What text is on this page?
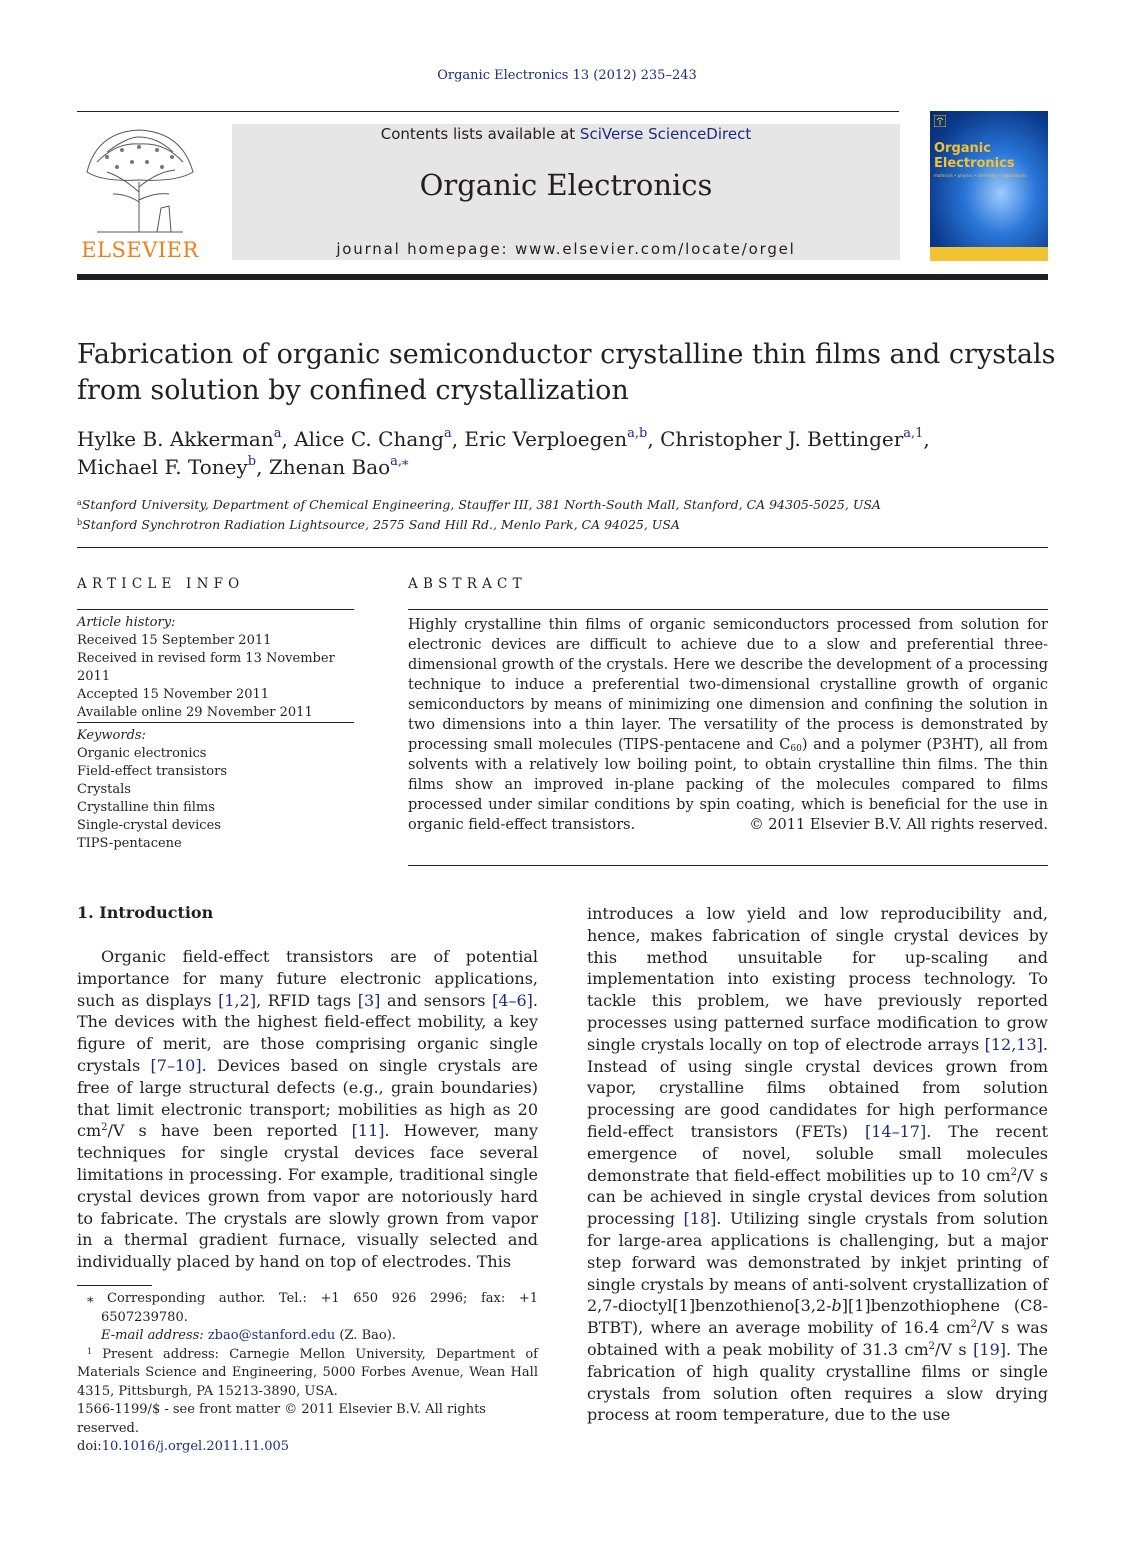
Organic Electronics 13 (2012) 235–243
ELSEVIER
Contents lists available at SciVerse ScienceDirect
Organic Electronics
journal homepage: www.elsevier.com/locate/orgel
Organic Electronics
materials • physics • chemistry • applications
Fabrication of organic semiconductor crystalline thin films and crystals from solution by confined crystallization
Hylke B. Akkerman$^a$, Alice C. Chang$^a$, Eric Verploegen$^{a,b}$, Christopher J. Bettinger$^{a,1}$,
Michael F. Toney$^b$, Zhenan Bao$^{a,⁎}$
$^a$Stanford University, Department of Chemical Engineering, Stauffer III, 381 North-South Mall, Stanford, CA 94305-5025, USA
$^b$Stanford Synchrotron Radiation Lightsource, 2575 Sand Hill Rd., Menlo Park, CA 94025, USA
ARTICLE INFO	ABSTRACT
Article history:
Received 15 September 2011
Received in revised form 13 November 2011
Accepted 15 November 2011
Available online 29 November 2011
Keywords:
Organic electronics
Field-effect transistors
Crystals
Crystalline thin films
Single-crystal devices
TIPS-pentacene
Highly crystalline thin films of organic semiconductors processed from solution for electronic devices are difficult to achieve due to a slow and preferential three-dimensional growth of the crystals. Here we describe the development of a processing technique to induce a preferential two-dimensional crystalline growth of organic semiconductors by means of minimizing one dimension and confining the solution in two dimensions into a thin layer. The versatility of the process is demonstrated by processing small molecules (TIPS-pentacene and $C_{60}$) and a polymer (P3HT), all from solvents with a relatively low boiling point, to obtain crystalline thin films. The thin films show an improved in-plane packing of the molecules compared to films processed under similar conditions by spin coating, which is beneficial for the use in organic field-effect transistors.	© 2011 Elsevier B.V. All rights reserved.
1. Introduction

Organic field-effect transistors are of potential importance for many future electronic applications, such as displays [1,2], RFID tags [3] and sensors [4–6]. The devices with the highest field-effect mobility, a key figure of merit, are those comprising organic single crystals [7–10]. Devices based on single crystals are free of large structural defects (e.g., grain boundaries) that limit electronic transport; mobilities as high as 20 $cm^2/V$ s have been reported [11]. However, many techniques for single crystal devices face several limitations in processing. For example, traditional single crystal devices grown from vapor are notoriously hard to fabricate. The crystals are slowly grown from vapor in a thermal gradient furnace, visually selected and individually placed by hand on top of electrodes. This

introduces a low yield and low reproducibility and, hence, makes fabrication of single crystal devices by this method unsuitable for up-scaling and implementation into existing process technology. To tackle this problem, we have previously reported processes using patterned surface modification to grow single crystals locally on top of electrode arrays [12,13]. Instead of using single crystal devices grown from vapor, crystalline films obtained from solution processing are good candidates for high performance field-effect transistors (FETs) [14–17]. The recent emergence of novel, soluble small molecules demonstrate that field-effect mobilities up to 10 $cm^2/V$ s can be achieved in single crystal devices from solution processing [18]. Utilizing single crystals from solution for large-area applications is challenging, but a major step forward was demonstrated by inkjet printing of single crystals by means of anti-solvent crystallization of 2,7-dioctyl[1]benzothieno[3,2-b][1]benzothiophene (C8-BTBT), where an average mobility of 16.4 $cm^2/V$ s was obtained with a peak mobility of 31.3 $cm^2/V$ s [19]. The fabrication of high quality crystalline films or single crystals from solution often requires a slow drying process at room temperature, due to the use

⁎ Corresponding author. Tel.: +1 650 926 2996; fax: +1 6507239780.

E-mail address: zbao@stanford.edu (Z. Bao).

$^1$ Present address: Carnegie Mellon University, Department of Materials Science and Engineering, 5000 Forbes Avenue, Wean Hall 4315, Pittsburgh, PA 15213-3890, USA.

1566-1199/$ - see front matter © 2011 Elsevier B.V. All rights reserved.
doi:10.1016/j.orgel.2011.11.005
